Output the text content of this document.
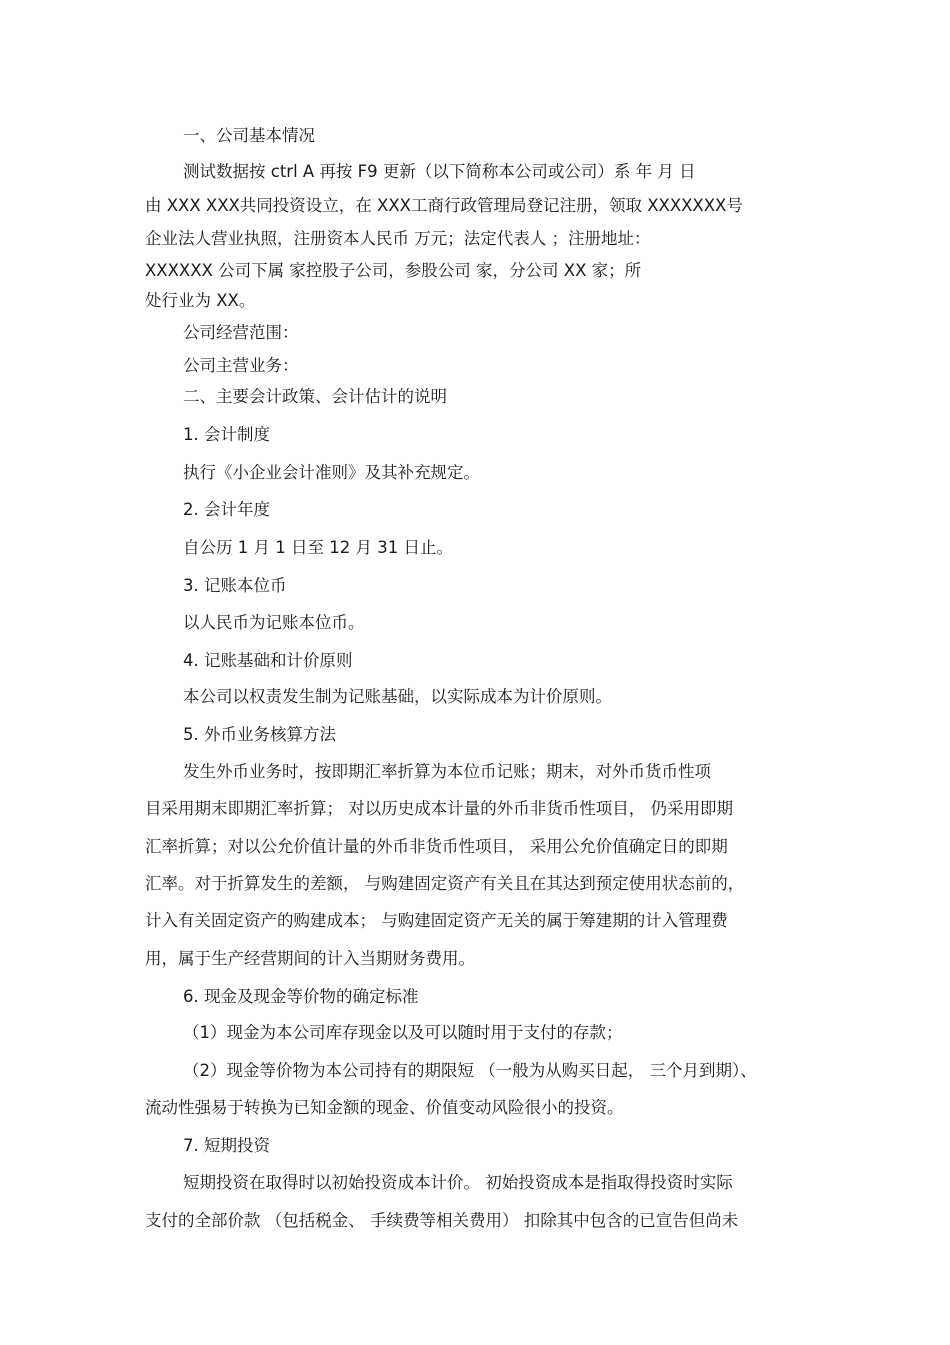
一、公司基本情况
测试数据按 ctrl A 再按 F9 更新（以下简称本公司或公司）系 年 月 日
由 XXX XXX共同投资设立，在 XXX工商行政管理局登记注册，领取 XXXXXXX号
企业法人营业执照，注册资本人民币 万元；法定代表人 ；注册地址：
XXXXXX 公司下属 家控股子公司，参股公司 家，分公司 XX 家；所
处行业为 XX。
公司经营范围：
公司主营业务：
二、主要会计政策、会计估计的说明
1. 会计制度
执行《小企业会计准则》及其补充规定。
2. 会计年度
自公历 1 月 1 日至 12 月 31 日止。
3. 记账本位币
以人民币为记账本位币。
4. 记账基础和计价原则
本公司以权责发生制为记账基础，以实际成本为计价原则。
5. 外币业务核算方法
发生外币业务时，按即期汇率折算为本位币记账；期末，对外币货币性项
目采用期末即期汇率折算； 对以历史成本计量的外币非货币性项目， 仍采用即期
汇率折算；对以公允价值计量的外币非货币性项目， 采用公允价值确定日的即期
汇率。对于折算发生的差额， 与购建固定资产有关且在其达到预定使用状态前的，
计入有关固定资产的购建成本； 与购建固定资产无关的属于筹建期的计入管理费
用，属于生产经营期间的计入当期财务费用。
6. 现金及现金等价物的确定标准
（1）现金为本公司库存现金以及可以随时用于支付的存款；
（2）现金等价物为本公司持有的期限短 （一般为从购买日起， 三个月到期）、
流动性强易于转换为已知金额的现金、价值变动风险很小的投资。
7. 短期投资
短期投资在取得时以初始投资成本计价。 初始投资成本是指取得投资时实际
支付的全部价款 （包括税金、 手续费等相关费用） 扣除其中包含的已宣告但尚未
